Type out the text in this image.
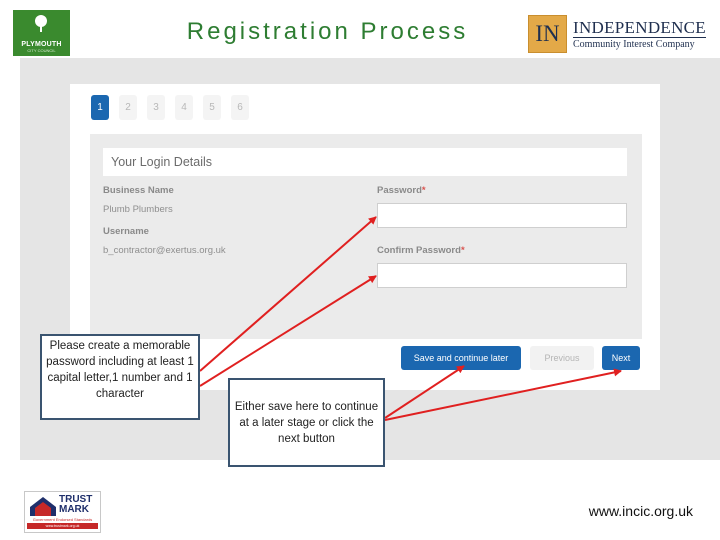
PLYMOUTH
CITY COUNCIL
Registration Process	IN INDEPENDENCE
Community Interest Company
1	2	3	4	5	6
Your Login Details
Business Name
Plumb Plumbers
Username
b_contractor@exertus.org.uk
Password*
Confirm Password*
Save and continue later	Previous	Next
Please create a memorable password including at least 1 capital letter,1 number and 1 character
Either save here to continue at a later stage or click the next button
TRUST
MARK
Government Endorsed Standards
www.trustmark.org.uk
www.incic.org.uk
